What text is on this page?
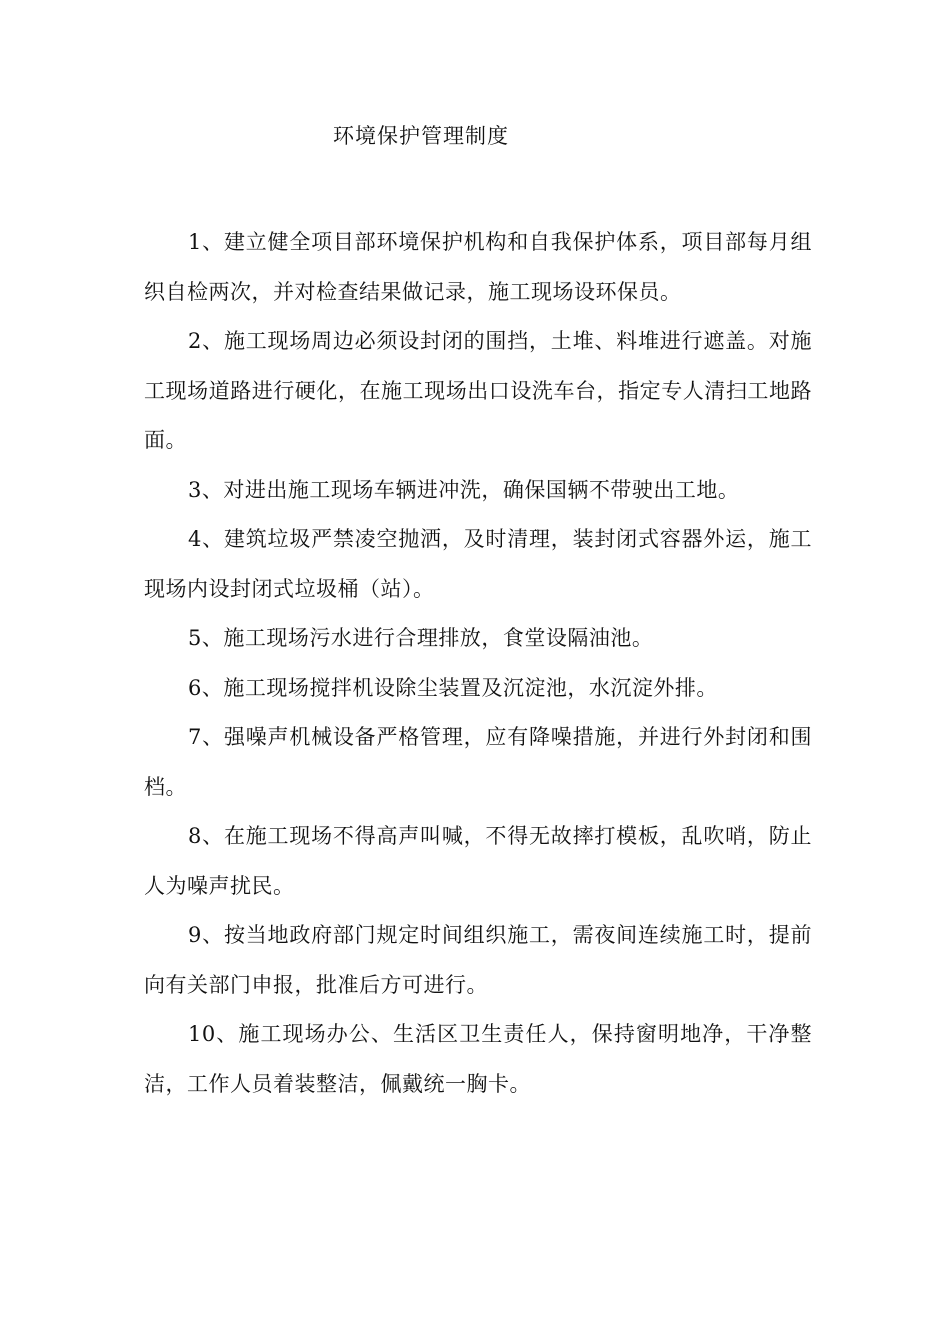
环境保护管理制度

1、建立健全项目部环境保护机构和自我保护体系，项目部每月组织自检两次，并对检查结果做记录，施工现场设环保员。

2、施工现场周边必须设封闭的围挡，土堆、料堆进行遮盖。对施工现场道路进行硬化，在施工现场出口设洗车台，指定专人清扫工地路面。

3、对进出施工现场车辆进冲洗，确保国辆不带驶出工地。

4、建筑垃圾严禁凌空抛洒，及时清理，装封闭式容器外运，施工现场内设封闭式垃圾桶（站）。

5、施工现场污水进行合理排放，食堂设隔油池。

6、施工现场搅拌机设除尘装置及沉淀池，水沉淀外排。

7、强噪声机械设备严格管理，应有降噪措施，并进行外封闭和围档。

8、在施工现场不得高声叫喊，不得无故摔打模板，乱吹哨，防止人为噪声扰民。

9、按当地政府部门规定时间组织施工，需夜间连续施工时，提前向有关部门申报，批准后方可进行。

10、施工现场办公、生活区卫生责任人，保持窗明地净，干净整洁，工作人员着装整洁，佩戴统一胸卡。
